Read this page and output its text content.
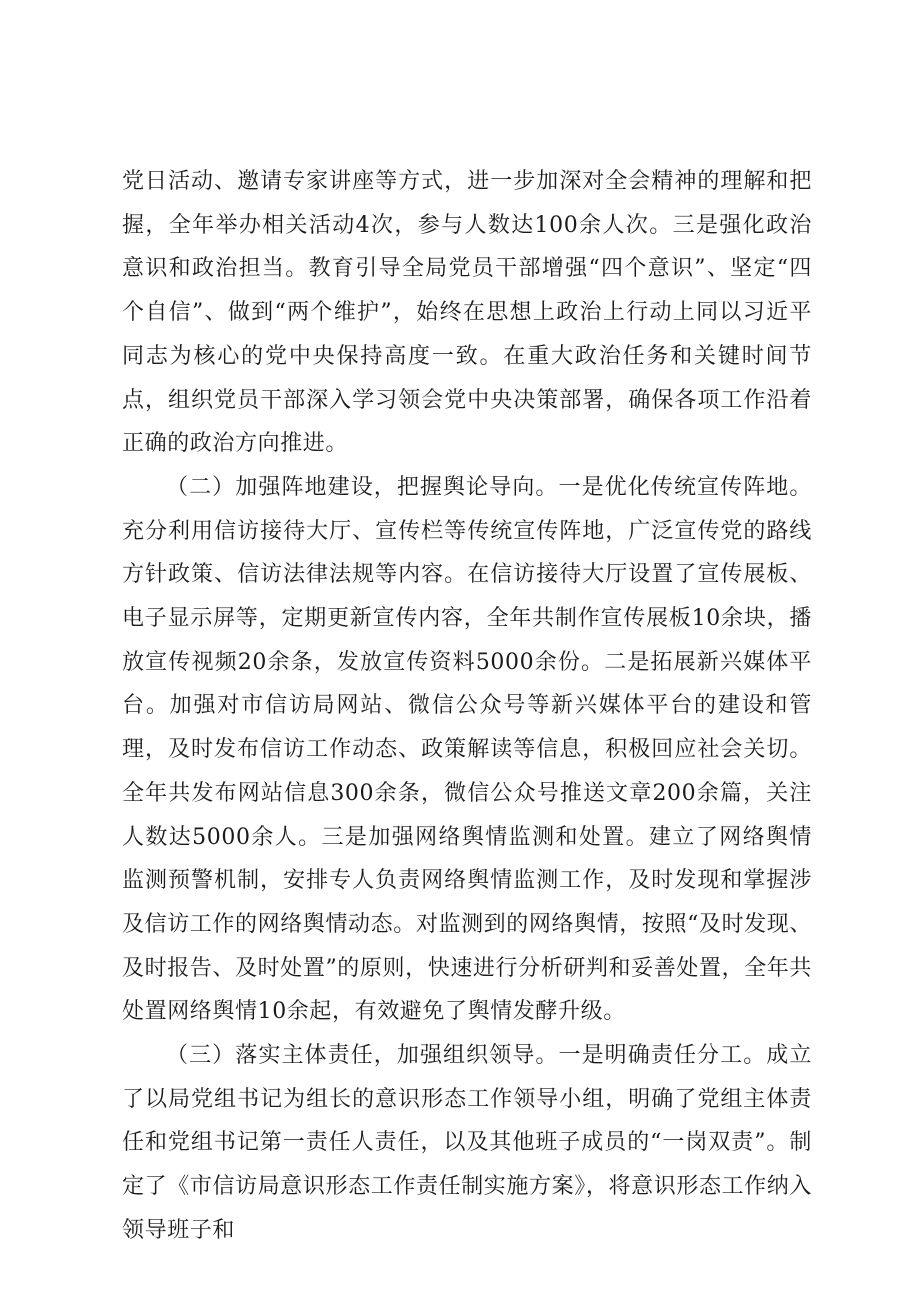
党日活动、邀请专家讲座等方式，进一步加深对全会精神的理解和把握，全年举办相关活动4次，参与人数达100余人次。三是强化政治意识和政治担当。教育引导全局党员干部增强“四个意识”、坚定“四个自信”、做到“两个维护”，始终在思想上政治上行动上同以习近平同志为核心的党中央保持高度一致。在重大政治任务和关键时间节点，组织党员干部深入学习领会党中央决策部署，确保各项工作沿着正确的政治方向推进。

（二）加强阵地建设，把握舆论导向。一是优化传统宣传阵地。充分利用信访接待大厅、宣传栏等传统宣传阵地，广泛宣传党的路线方针政策、信访法律法规等内容。在信访接待大厅设置了宣传展板、电子显示屏等，定期更新宣传内容，全年共制作宣传展板10余块，播放宣传视频20余条，发放宣传资料5000余份。二是拓展新兴媒体平台。加强对市信访局网站、微信公众号等新兴媒体平台的建设和管理，及时发布信访工作动态、政策解读等信息，积极回应社会关切。全年共发布网站信息300余条，微信公众号推送文章200余篇，关注人数达5000余人。三是加强网络舆情监测和处置。建立了网络舆情监测预警机制，安排专人负责网络舆情监测工作，及时发现和掌握涉及信访工作的网络舆情动态。对监测到的网络舆情，按照“及时发现、及时报告、及时处置”的原则，快速进行分析研判和妥善处置，全年共处置网络舆情10余起，有效避免了舆情发酵升级。

（三）落实主体责任，加强组织领导。一是明确责任分工。成立了以局党组书记为组长的意识形态工作领导小组，明确了党组主体责任和党组书记第一责任人责任，以及其他班子成员的“一岗双责”。制定了《市信访局意识形态工作责任制实施方案》，将意识形态工作纳入领导班子和
